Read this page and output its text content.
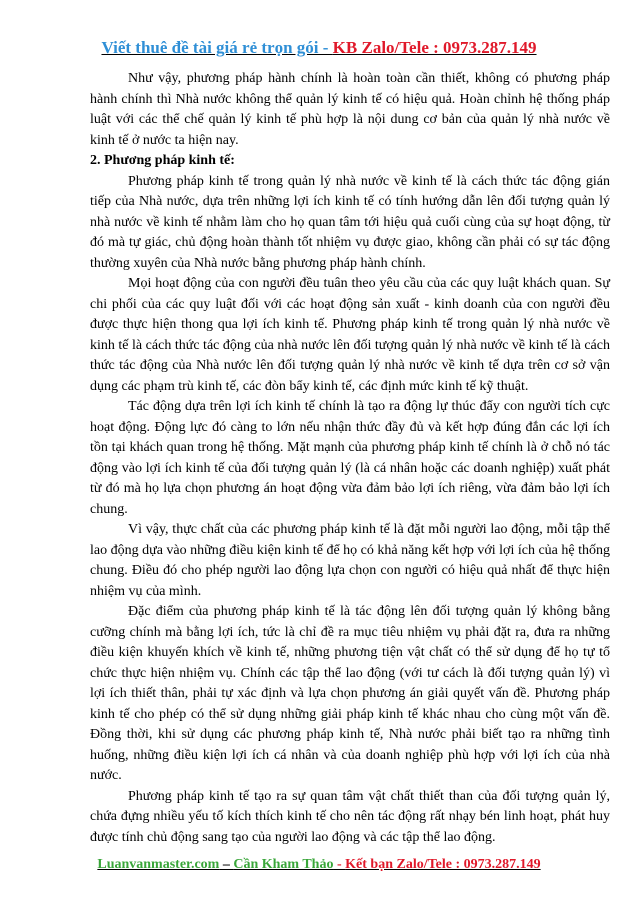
Viết thuê đề tài giá rẻ trọn gói - KB Zalo/Tele : 0973.287.149

Như vậy, phương pháp hành chính là hoàn toàn cần thiết, không có phương pháp hành chính thì Nhà nước không thể quản lý kinh tế có hiệu quả. Hoàn chỉnh hệ thống pháp luật với các thể chế quản lý kinh tế phù hợp là nội dung cơ bản của quản lý nhà nước về kinh tế ở nước ta hiện nay.

2. Phương pháp kinh tế:

Phương pháp kinh tế trong quản lý nhà nước về kinh tế là cách thức tác động gián tiếp của Nhà nước, dựa trên những lợi ích kinh tế có tính hướng dẫn lên đối tượng quản lý nhà nước về kinh tế nhằm làm cho họ quan tâm tới hiệu quả cuối cùng của sự hoạt động, từ đó mà tự giác, chủ động hoàn thành tốt nhiệm vụ được giao, không cần phải có sự tác động thường xuyên của Nhà nước bằng phương pháp hành chính.

Mọi hoạt động của con người đều tuân theo yêu cầu của các quy luật khách quan. Sự chi phối của các quy luật đối với các hoạt động sản xuất - kinh doanh của con người đều được thực hiện thong qua lợi ích kinh tế. Phương pháp kinh tế trong quản lý nhà nước về kinh tế là cách thức tác động của nhà nước lên đối tượng quản lý nhà nước về kinh tế là cách thức tác động của Nhà nước lên đối tượng quản lý nhà nước về kinh tế dựa trên cơ sở vận dụng các phạm trù kinh tế, các đòn bẩy kinh tế, các định mức kinh tế kỹ thuật.

Tác động dựa trên lợi ích kinh tế chính là tạo ra động lự thúc đẩy con người tích cực hoạt động. Động lực đó càng to lớn nếu nhận thức đầy đủ và kết hợp đúng đắn các lợi ích tồn tại khách quan trong hệ thống. Mặt mạnh của phương pháp kinh tế chính là ở chỗ nó tác động vào lợi ích kinh tế của đối tượng quản lý (là cá nhân hoặc các doanh nghiệp) xuất phát từ đó mà họ lựa chọn phương án hoạt động vừa đảm bảo lợi ích riêng, vừa đảm bảo lợi ích chung.

Vì vậy, thực chất của các phương pháp kinh tế là đặt mỗi người lao động, mỗi tập thể lao động dựa vào những điều kiện kinh tế để họ có khả năng kết hợp với lợi ích của hệ thống chung. Điều đó cho phép người lao động lựa chọn con người có hiệu quả nhất để thực hiện nhiệm vụ của mình.

Đặc điểm của phương pháp kinh tế là tác động lên đối tượng quản lý không bằng cưỡng chính mà bằng lợi ích, tức là chỉ đề ra mục tiêu nhiệm vụ phải đặt ra, đưa ra những điều kiện khuyến khích về kinh tế, những phương tiện vật chất có thể sử dụng để họ tự tổ chức thực hiện nhiệm vụ. Chính các tập thể lao động (với tư cách là đối tượng quản lý) vì lợi ích thiết thân, phải tự xác định và lựa chọn phương án giải quyết vấn đề. Phương pháp kinh tế cho phép có thể sử dụng những giải pháp kinh tế khác nhau cho cùng một vấn đề. Đồng thời, khi sử dụng các phương pháp kinh tế, Nhà nước phải biết tạo ra những tình huống, những điều kiện lợi ích cá nhân và của doanh nghiệp phù hợp với lợi ích của nhà nước.

Phương pháp kinh tế tạo ra sự quan tâm vật chất thiết than của đối tượng quản lý, chứa đựng nhiều yếu tố kích thích kinh tế cho nên tác động rất nhạy bén linh hoạt, phát huy được tính chủ động sang tạo của người lao động và các tập thể lao động.

Luanvanmaster.com – Cần Kham Thảo - Kết bạn Zalo/Tele : 0973.287.149
